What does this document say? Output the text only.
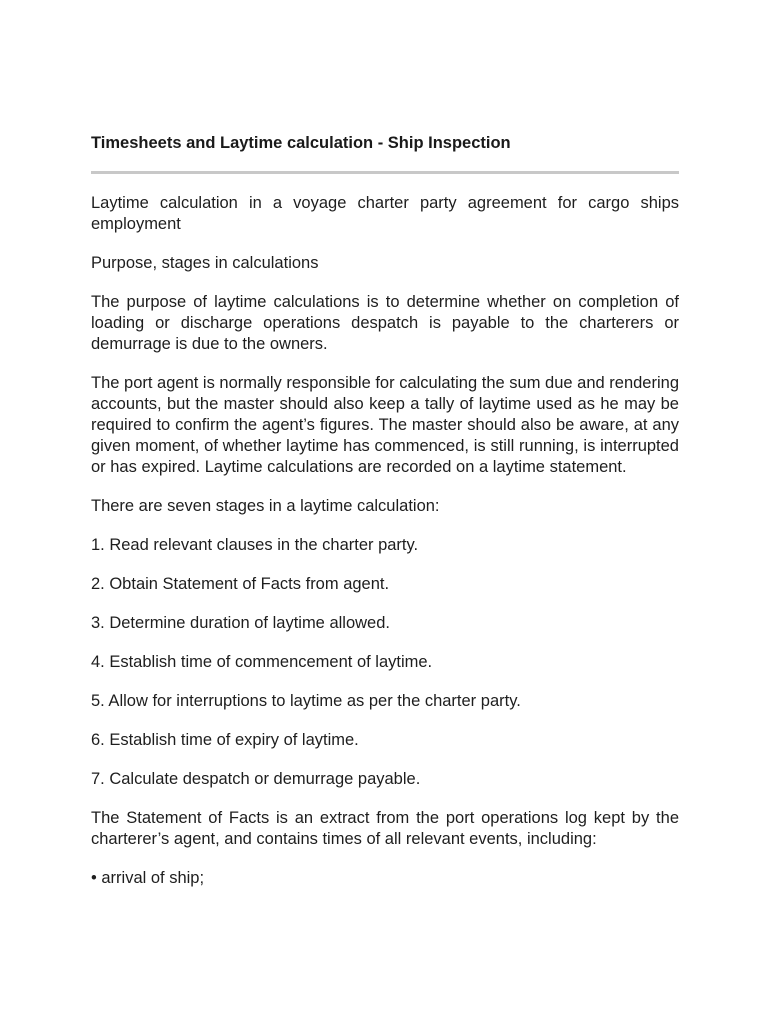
Timesheets and Laytime calculation - Ship Inspection

Laytime calculation in a voyage charter party agreement for cargo ships employment

Purpose, stages in calculations

The purpose of laytime calculations is to determine whether on completion of loading or discharge operations despatch is payable to the charterers or demurrage is due to the owners.

The port agent is normally responsible for calculating the sum due and rendering accounts, but the master should also keep a tally of laytime used as he may be required to confirm the agent’s figures. The master should also be aware, at any given moment, of whether laytime has commenced, is still running, is interrupted or has expired. Laytime calculations are recorded on a laytime statement.

There are seven stages in a laytime calculation:

1. Read relevant clauses in the charter party.

2. Obtain Statement of Facts from agent.

3. Determine duration of laytime allowed.

4. Establish time of commencement of laytime.

5. Allow for interruptions to laytime as per the charter party.

6. Establish time of expiry of laytime.

7. Calculate despatch or demurrage payable.

The Statement of Facts is an extract from the port operations log kept by the charterer’s agent, and contains times of all relevant events, including:

• arrival of ship;
